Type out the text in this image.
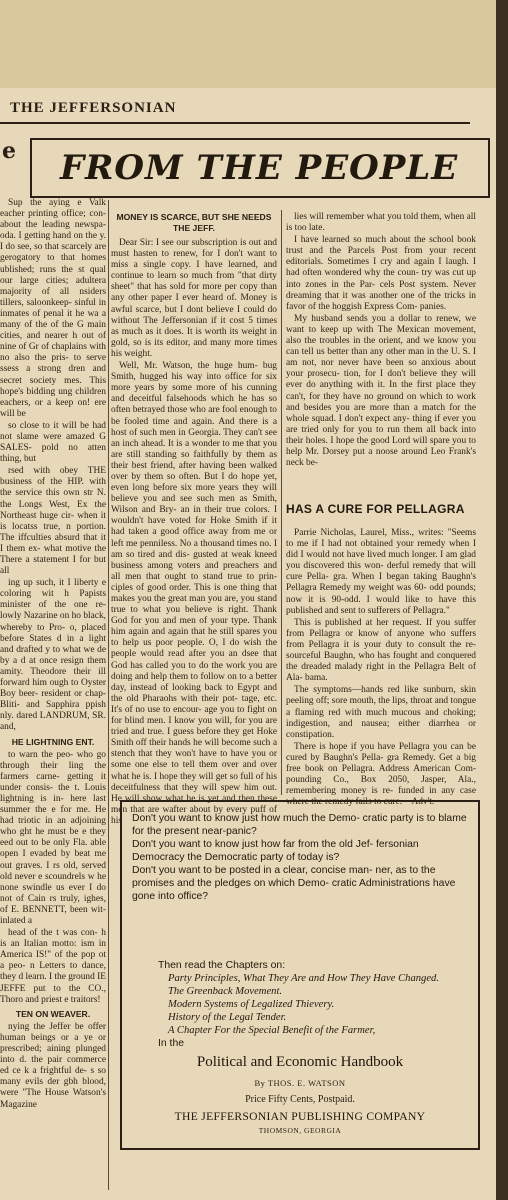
THE JEFFERSONIAN
e FROM THE PEOPLE

Sup the aying e Valk eacher printing office; con- about the leading newspa- oda. I getting hand on the y. I do see, so that scarcely are gerogatory to that homes ublished; runs the st qual our large cities; adultera majority of all nsiders tillers, saloonkeep- sinful in inmates of penal it he wa a many of the of the G main cities, and nearer h out of nine of Gr of chaplains with no also the pris- to serve ssess a strong dren and secret society mes. This hope's bidding ung children eachers, or a keep on! ere will be

so close to it will be had not slame were amazed G SALES- pold no atten thing, but

rsed with obey THE business of the HIP. with the service this own str N. the Longs West, Ex the Northeast huge cir- when it is locatss true, n portion. The iffculties absurd that it I them ex- what motive the There a statement I for but all

ing up such, it I liberty e coloring wit h Papists minister of the one re- lowly Nazarine on ho black, whereby to Pro- o, placed before States d in a light and drafted y to what we de by a d at once resign them amity. Theodore their ill forward him ough to Oyster Boy beer- resident or chap- Bliti- and Sapphira ppish nly. dared LANDRUM, SR. and,

HE LIGHTNING ENT.

to warn the peo- who go through their ling the farmers carne- getting it under consis- the t. Louis lightning is in- here last summer the e for me. He had triotic in an adjoining who ght he must be e they eed out to be only Fla. able open I evaded by beat me out graves. I rs old, served old never e scoundrels w he none swindle us ever I do not of Cain rs truly, ighes, of E. BENNETT, been wit- inlated a

head of the t was con- h is an Italian motto: ism in America IS!" of the pop ot a peo- n Letters to dance, they d learn. I the ground IE JEFFE put to the CO., Thoro and priest e traitors!

TEN ON WEAVER.

nying the Jeffer be offer human beings or a ye or prescribed; aining plunged into d. the pair commerce ed ce k a frightful de- s so many evils der gbh blood, were "The House Watson's Magazine

MONEY IS SCARCE, BUT SHE NEEDS THE JEFF.

Dear Sir: I see our subscription is out and must hasten to renew, for I don't want to miss a single copy. I have learned, and continue to learn so much from "that dirty sheet" that has sold for more per copy than any other paper I ever heard of. Money is awful scarce, but I dont believe I could do without The Jeffersonian if it cost 5 times as much as it does. It is worth its weight in gold, so is its editor, and many more times his weight.

Well, Mr. Watson, the huge hum- bug Smith, hugged his way into office for six more years by some more of his cunning and deceitful falsehoods which he has so often betrayed those who are fool enough to be fooled time and again. And there is a host of such men in Georgia. They can't see an inch ahead. It is a wonder to me that you are still standing so faithfully by them as their best friend, after having been walked over by them so often. But I do hope yet, even long before six more years they will believe you and see such men as Smith, Wilson and Bry- an in their true colors. I wouldn't have voted for Hoke Smith if it had taken a good office away from me or left me penniless. No a thousand times no. I am so tired and dis- gusted at weak kneed business among voters and preachers and all men that ought to stand true to prin- ciples of good order. This is one thing that makes you the great man you are, you stand true to what you believe is right. Thank God for you and men of your type. Thank him again and again that he still spares you to help us poor people. O, I do wish the people would read after you an dsee that God has called you to do the work you are doing and help them to follow on to a better day, instead of looking back to Egypt and the old Pharaohs with their pot- tage, etc. It's of no use to encour- age you to fight on for blind men. I know you will, for you are tried and true. I guess before they get Hoke Smith off their hands he will become such a stench that they won't have to have you or some one else to tell them over and over what he is. I hope they will get so full of his deceitfulness that they will spew him out. He will show what he is yet and then these men that are wafter about by every puff of his

lies will remember what you told them, when all is too late.

I have learned so much about the school book trust and the Parcels Post from your recent editorials. Sometimes I cry and again I laugh. I had often wondered why the coun- try was cut up into zones in the Par- cels Post system. Never dreaming that it was another one of the tricks in favor of the hoggish Express Com- panies.

My husband sends you a dollar to renew, we want to keep up with The Mexican movement, also the troubles in the orient, and we know you can tell us better than any other man in the U. S. I am not, nor never have been so anxious about your prosecu- tion, for I don't believe they will ever do anything with it. In the first place they can't, for they have no ground on which to work and besides you are more than a match for the whole squad. I don't expect any- thing if ever you are tried only for you to run them all back into their holes. I hope the good Lord will spare you to help Mr. Dorsey put a noose around Leo Frank's neck be-

HAS A CURE FOR PELLAGRA

Parrie Nicholas, Laurel, Miss., writes: "Seems to me if I had not obtained your remedy when I did I would not have lived much longer. I am glad you discovered this won- derful remedy that will cure Pella- gra. When I began taking Baughn's Pellagra Remedy my weight was 60- odd pounds; now it is 90-odd. I would like to have this published and sent to sufferers of Pellagra."

This is published at her request. If you suffer from Pellagra or know of anyone who suffers from Pellagra it is your duty to consult the re- sourceful Baughn, who has fought and conquered the dreaded malady right in the Pellagra Belt of Ala- bama.

The symptoms—hands red like sunburn, skin peeling off; sore mouth, the lips, throat and tongue a flaming red with much mucous and choking; indigestion, and nausea; either diarrhea or constipation.

There is hope if you have Pellagra you can be cured by Baughn's Pella- gra Remedy. Get a big free book on Pellagra. Address American Com- pounding Co., Box 2050, Jasper, Ala., remembering money is re- funded in any case where the remedy fails to cure.—Adv't.

Don't you want to know just how much the Demo- cratic party is to blame for the present near-panic?

Don't you want to know just how far from the old Jef- fersonian Democracy the Democratic party of today is?

Don't you want to be posted in a clear, concise man- ner, as to the promises and the pledges on which Demo- cratic Administrations have gone into office?

Then read the Chapters on:
Party Principles, What They Are and How They Have Changed.
The Greenback Movement.
Modern Systems of Legalized Thievery.
History of the Legal Tender.
A Chapter For the Special Benefit of the Farmer,
In the
Political and Economic Handbook
By THOS. E. WATSON
Price Fifty Cents, Postpaid.
THE JEFFERSONIAN PUBLISHING COMPANY
THOMSON, GEORGIA
